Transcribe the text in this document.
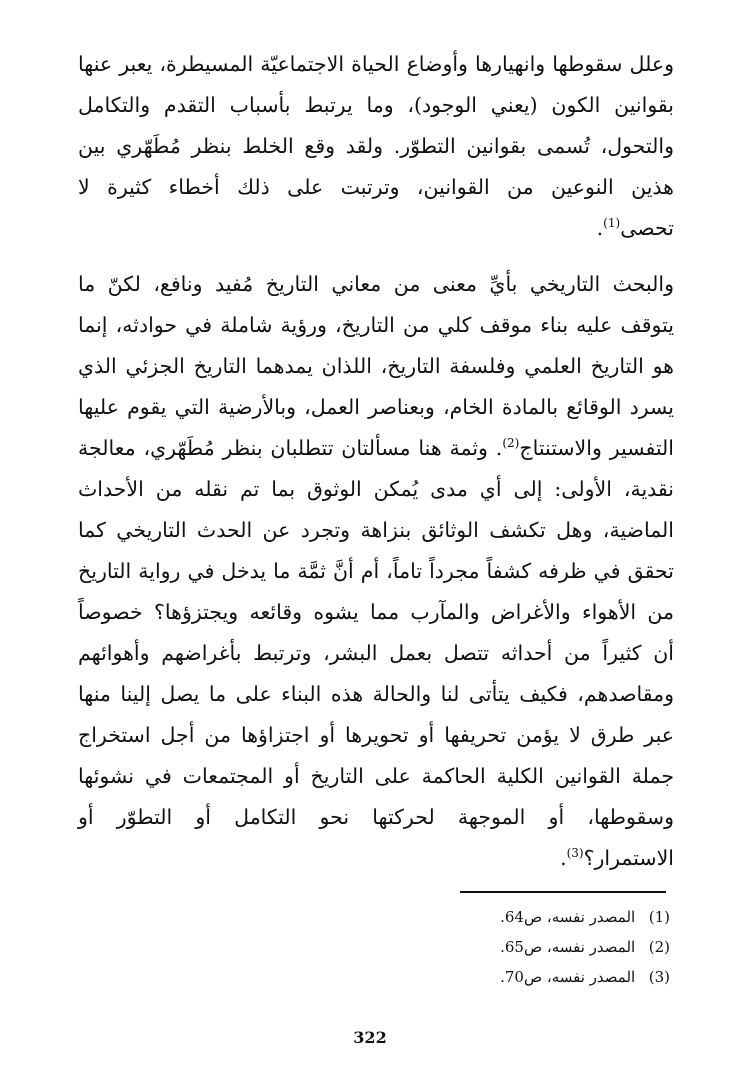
وعلل سقوطها وانهيارها وأوضاع الحياة الاجتماعيّة المسيطرة، يعبر عنها
بقوانين الكون (يعني الوجود)، وما يرتبط بأسباب التقدم والتكامل
والتحول، تُسمى بقوانين التطوّر. ولقد وقع الخلط بنظر مُطَهّري بين
هذين النوعين من القوانين، وترتبت على ذلك أخطاء كثيرة لا
تحصى$^{(1)}$.
والبحث التاريخي بأيِّ معنى من معاني التاريخ مُفيد ونافع، لكنّ ما
يتوقف عليه بناء موقف كلي من التاريخ، ورؤية شاملة في حوادثه، إنما
هو التاريخ العلمي وفلسفة التاريخ، اللذان يمدهما التاريخ الجزئي الذي
يسرد الوقائع بالمادة الخام، وبعناصر العمل، وبالأرضية التي يقوم عليها
التفسير والاستنتاج$^{(2)}$. وثمة هنا مسألتان تتطلبان بنظر مُطَهّري، معالجة
نقدية، الأولى: إلى أي مدى يُمكن الوثوق بما تم نقله من الأحداث
الماضية، وهل تكشف الوثائق بنزاهة وتجرد عن الحدث التاريخي كما
تحقق في ظرفه كشفاً مجرداً تاماً، أم أنَّ ثمَّة ما يدخل في رواية التاريخ
من الأهواء والأغراض والمآرب مما يشوه وقائعه ويجتزؤها؟ خصوصاً
أن كثيراً من أحداثه تتصل بعمل البشر، وترتبط بأغراضهم وأهوائهم
ومقاصدهم، فكيف يتأتى لنا والحالة هذه البناء على ما يصل إلينا منها
عبر طرق لا يؤمن تحريفها أو تحويرها أو اجتزاؤها من أجل استخراج
جملة القوانين الكلية الحاكمة على التاريخ أو المجتمعات في نشوئها
وسقوطها، أو الموجهة لحركتها نحو التكامل أو التطوّر أو
الاستمرار؟$^{(3)}$.
(1) المصدر نفسه، ص64.
(2) المصدر نفسه، ص65.
(3) المصدر نفسه، ص70.
322
